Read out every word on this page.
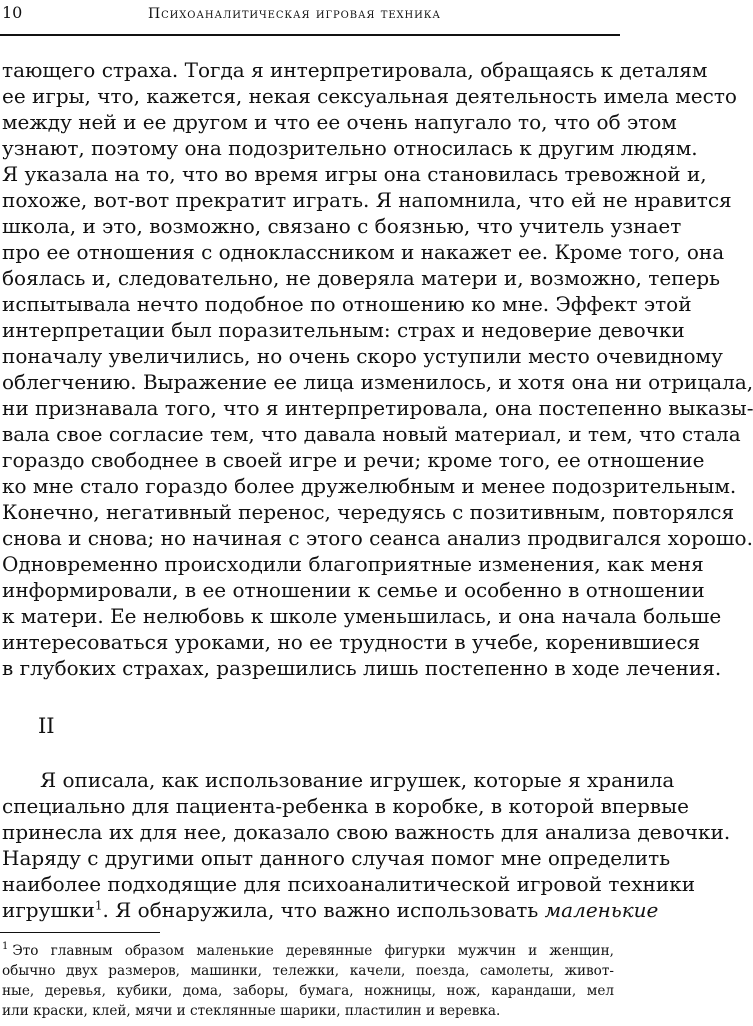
10	Психоаналитическая игровая техника
тающего страха. Тогда я интерпретировала, обращаясь к деталям
ее игры, что, кажется, некая сексуальная деятельность имела место
между ней и ее другом и что ее очень напугало то, что об этом
узнают, поэтому она подозрительно относилась к другим людям.
Я указала на то, что во время игры она становилась тревожной и,
похоже, вот-вот прекратит играть. Я напомнила, что ей не нравится
школа, и это, возможно, связано с боязнью, что учитель узнает
про ее отношения с одноклассником и накажет ее. Кроме того, она
боялась и, следовательно, не доверяла матери и, возможно, теперь
испытывала нечто подобное по отношению ко мне. Эффект этой
интерпретации был поразительным: страх и недоверие девочки
поначалу увеличились, но очень скоро уступили место очевидному
облегчению. Выражение ее лица изменилось, и хотя она ни отрицала,
ни признавала того, что я интерпретировала, она постепенно выказы-
вала свое согласие тем, что давала новый материал, и тем, что стала
гораздо свободнее в своей игре и речи; кроме того, ее отношение
ко мне стало гораздо более дружелюбным и менее подозрительным.
Конечно, негативный перенос, чередуясь с позитивным, повторялся
снова и снова; но начиная с этого сеанса анализ продвигался хорошо.
Одновременно происходили благоприятные изменения, как меня
информировали, в ее отношении к семье и особенно в отношении
к матери. Ее нелюбовь к школе уменьшилась, и она начала больше
интересоваться уроками, но ее трудности в учебе, коренившиеся
в глубоких страхах, разрешились лишь постепенно в ходе лечения.
II
Я описала, как использование игрушек, которые я хранила
специально для пациента-ребенка в коробке, в которой впервые
принесла их для нее, доказало свою важность для анализа девочки.
Наряду с другими опыт данного случая помог мне определить
наиболее подходящие для психоаналитической игровой техники
игрушки$^1$. Я обнаружила, что важно использовать маленькие
$^1$ Это главным образом маленькие деревянные фигурки мужчин и женщин,
обычно двух размеров, машинки, тележки, качели, поезда, самолеты, живот-
ные, деревья, кубики, дома, заборы, бумага, ножницы, нож, карандаши, мел
или краски, клей, мячи и стеклянные шарики, пластилин и веревка.
